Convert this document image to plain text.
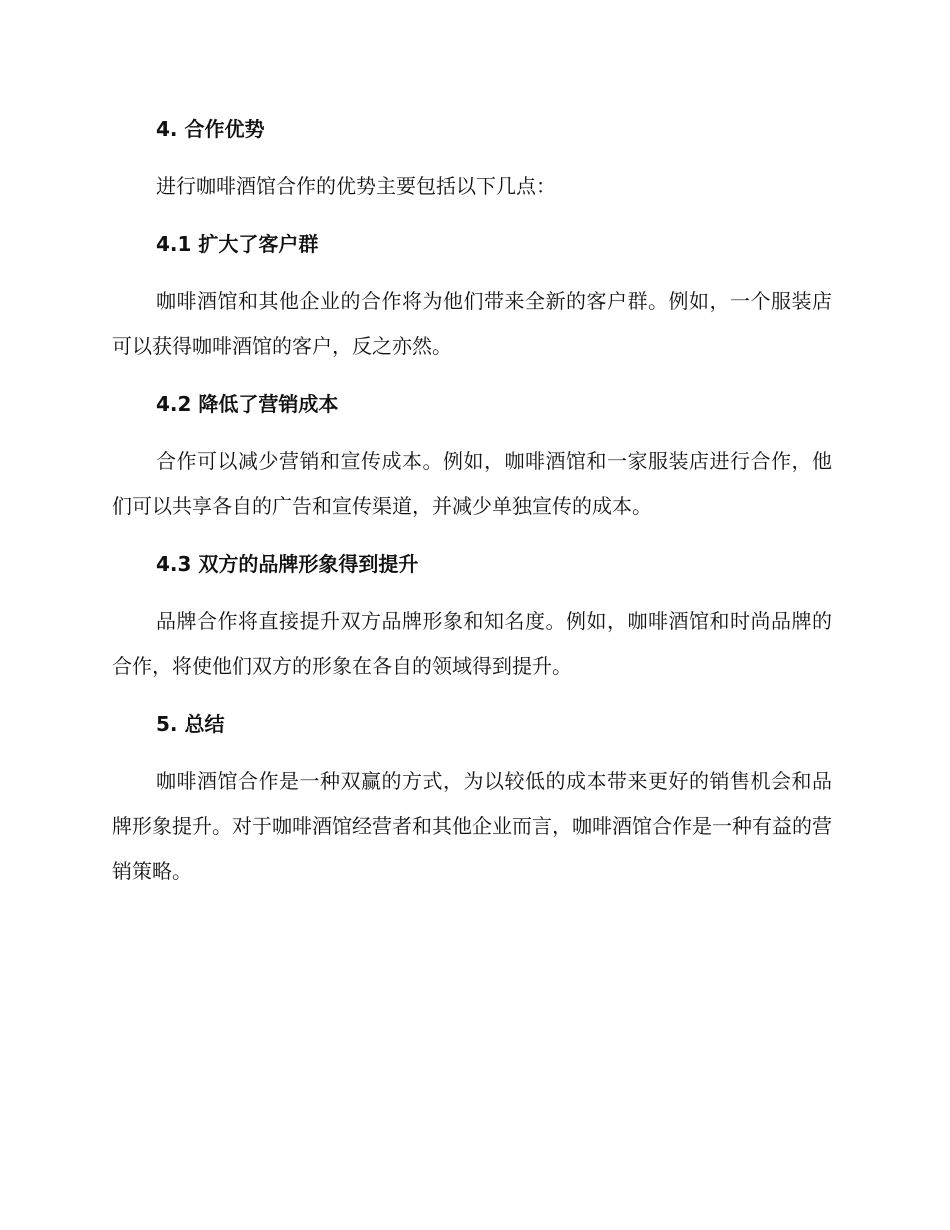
4. 合作优势

进行咖啡酒馆合作的优势主要包括以下几点：

4.1 扩大了客户群

咖啡酒馆和其他企业的合作将为他们带来全新的客户群。例如，一个服装店可以获得咖啡酒馆的客户，反之亦然。

4.2 降低了营销成本

合作可以减少营销和宣传成本。例如，咖啡酒馆和一家服装店进行合作，他们可以共享各自的广告和宣传渠道，并减少单独宣传的成本。

4.3 双方的品牌形象得到提升

品牌合作将直接提升双方品牌形象和知名度。例如，咖啡酒馆和时尚品牌的合作，将使他们双方的形象在各自的领域得到提升。

5. 总结

咖啡酒馆合作是一种双赢的方式，为以较低的成本带来更好的销售机会和品牌形象提升。对于咖啡酒馆经营者和其他企业而言，咖啡酒馆合作是一种有益的营销策略。
